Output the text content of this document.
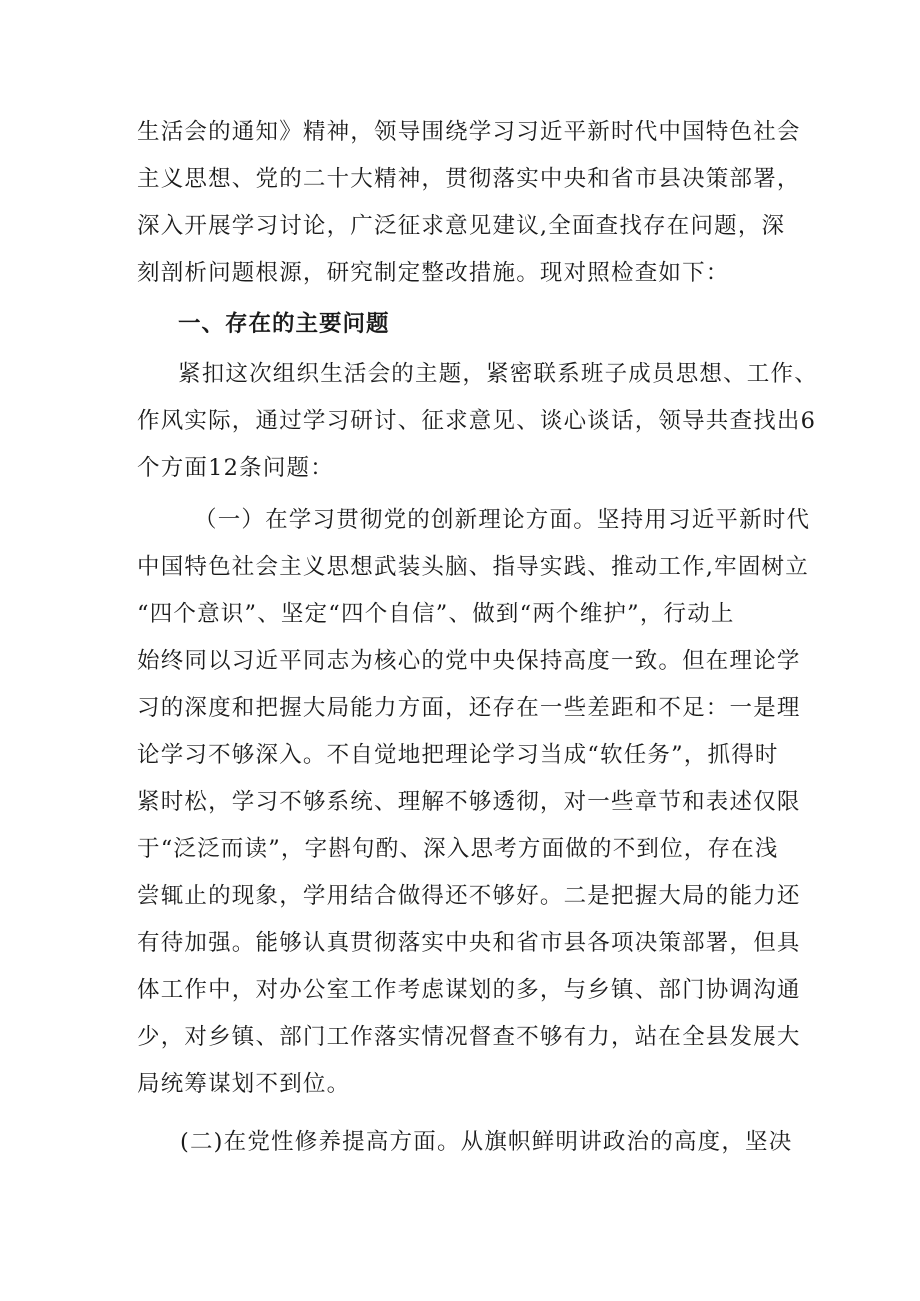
生活会的通知》精神，领导围绕学习习近平新时代中国特色社会
主义思想、党的二十大精神，贯彻落实中央和省市县决策部署，
深入开展学习讨论，广泛征求意见建议,全面查找存在问题，深
刻剖析问题根源，研究制定整改措施。现对照检查如下：
一、存在的主要问题
紧扣这次组织生活会的主题，紧密联系班子成员思想、工作、
作风实际，通过学习研讨、征求意见、谈心谈话，领导共查找出6
个方面12条问题：
（一）在学习贯彻党的创新理论方面。坚持用习近平新时代
中国特色社会主义思想武装头脑、指导实践、推动工作,牢固树立
“四个意识”、坚定“四个自信”、做到“两个维护”，行动上
始终同以习近平同志为核心的党中央保持高度一致。但在理论学
习的深度和把握大局能力方面，还存在一些差距和不足：一是理
论学习不够深入。不自觉地把理论学习当成“软任务”，抓得时
紧时松，学习不够系统、理解不够透彻，对一些章节和表述仅限
于“泛泛而读”，字斟句酌、深入思考方面做的不到位，存在浅
尝辄止的现象，学用结合做得还不够好。二是把握大局的能力还
有待加强。能够认真贯彻落实中央和省市县各项决策部署，但具
体工作中，对办公室工作考虑谋划的多，与乡镇、部门协调沟通
少，对乡镇、部门工作落实情况督查不够有力，站在全县发展大
局统筹谋划不到位。
(二)在党性修养提高方面。从旗帜鲜明讲政治的高度，坚决
